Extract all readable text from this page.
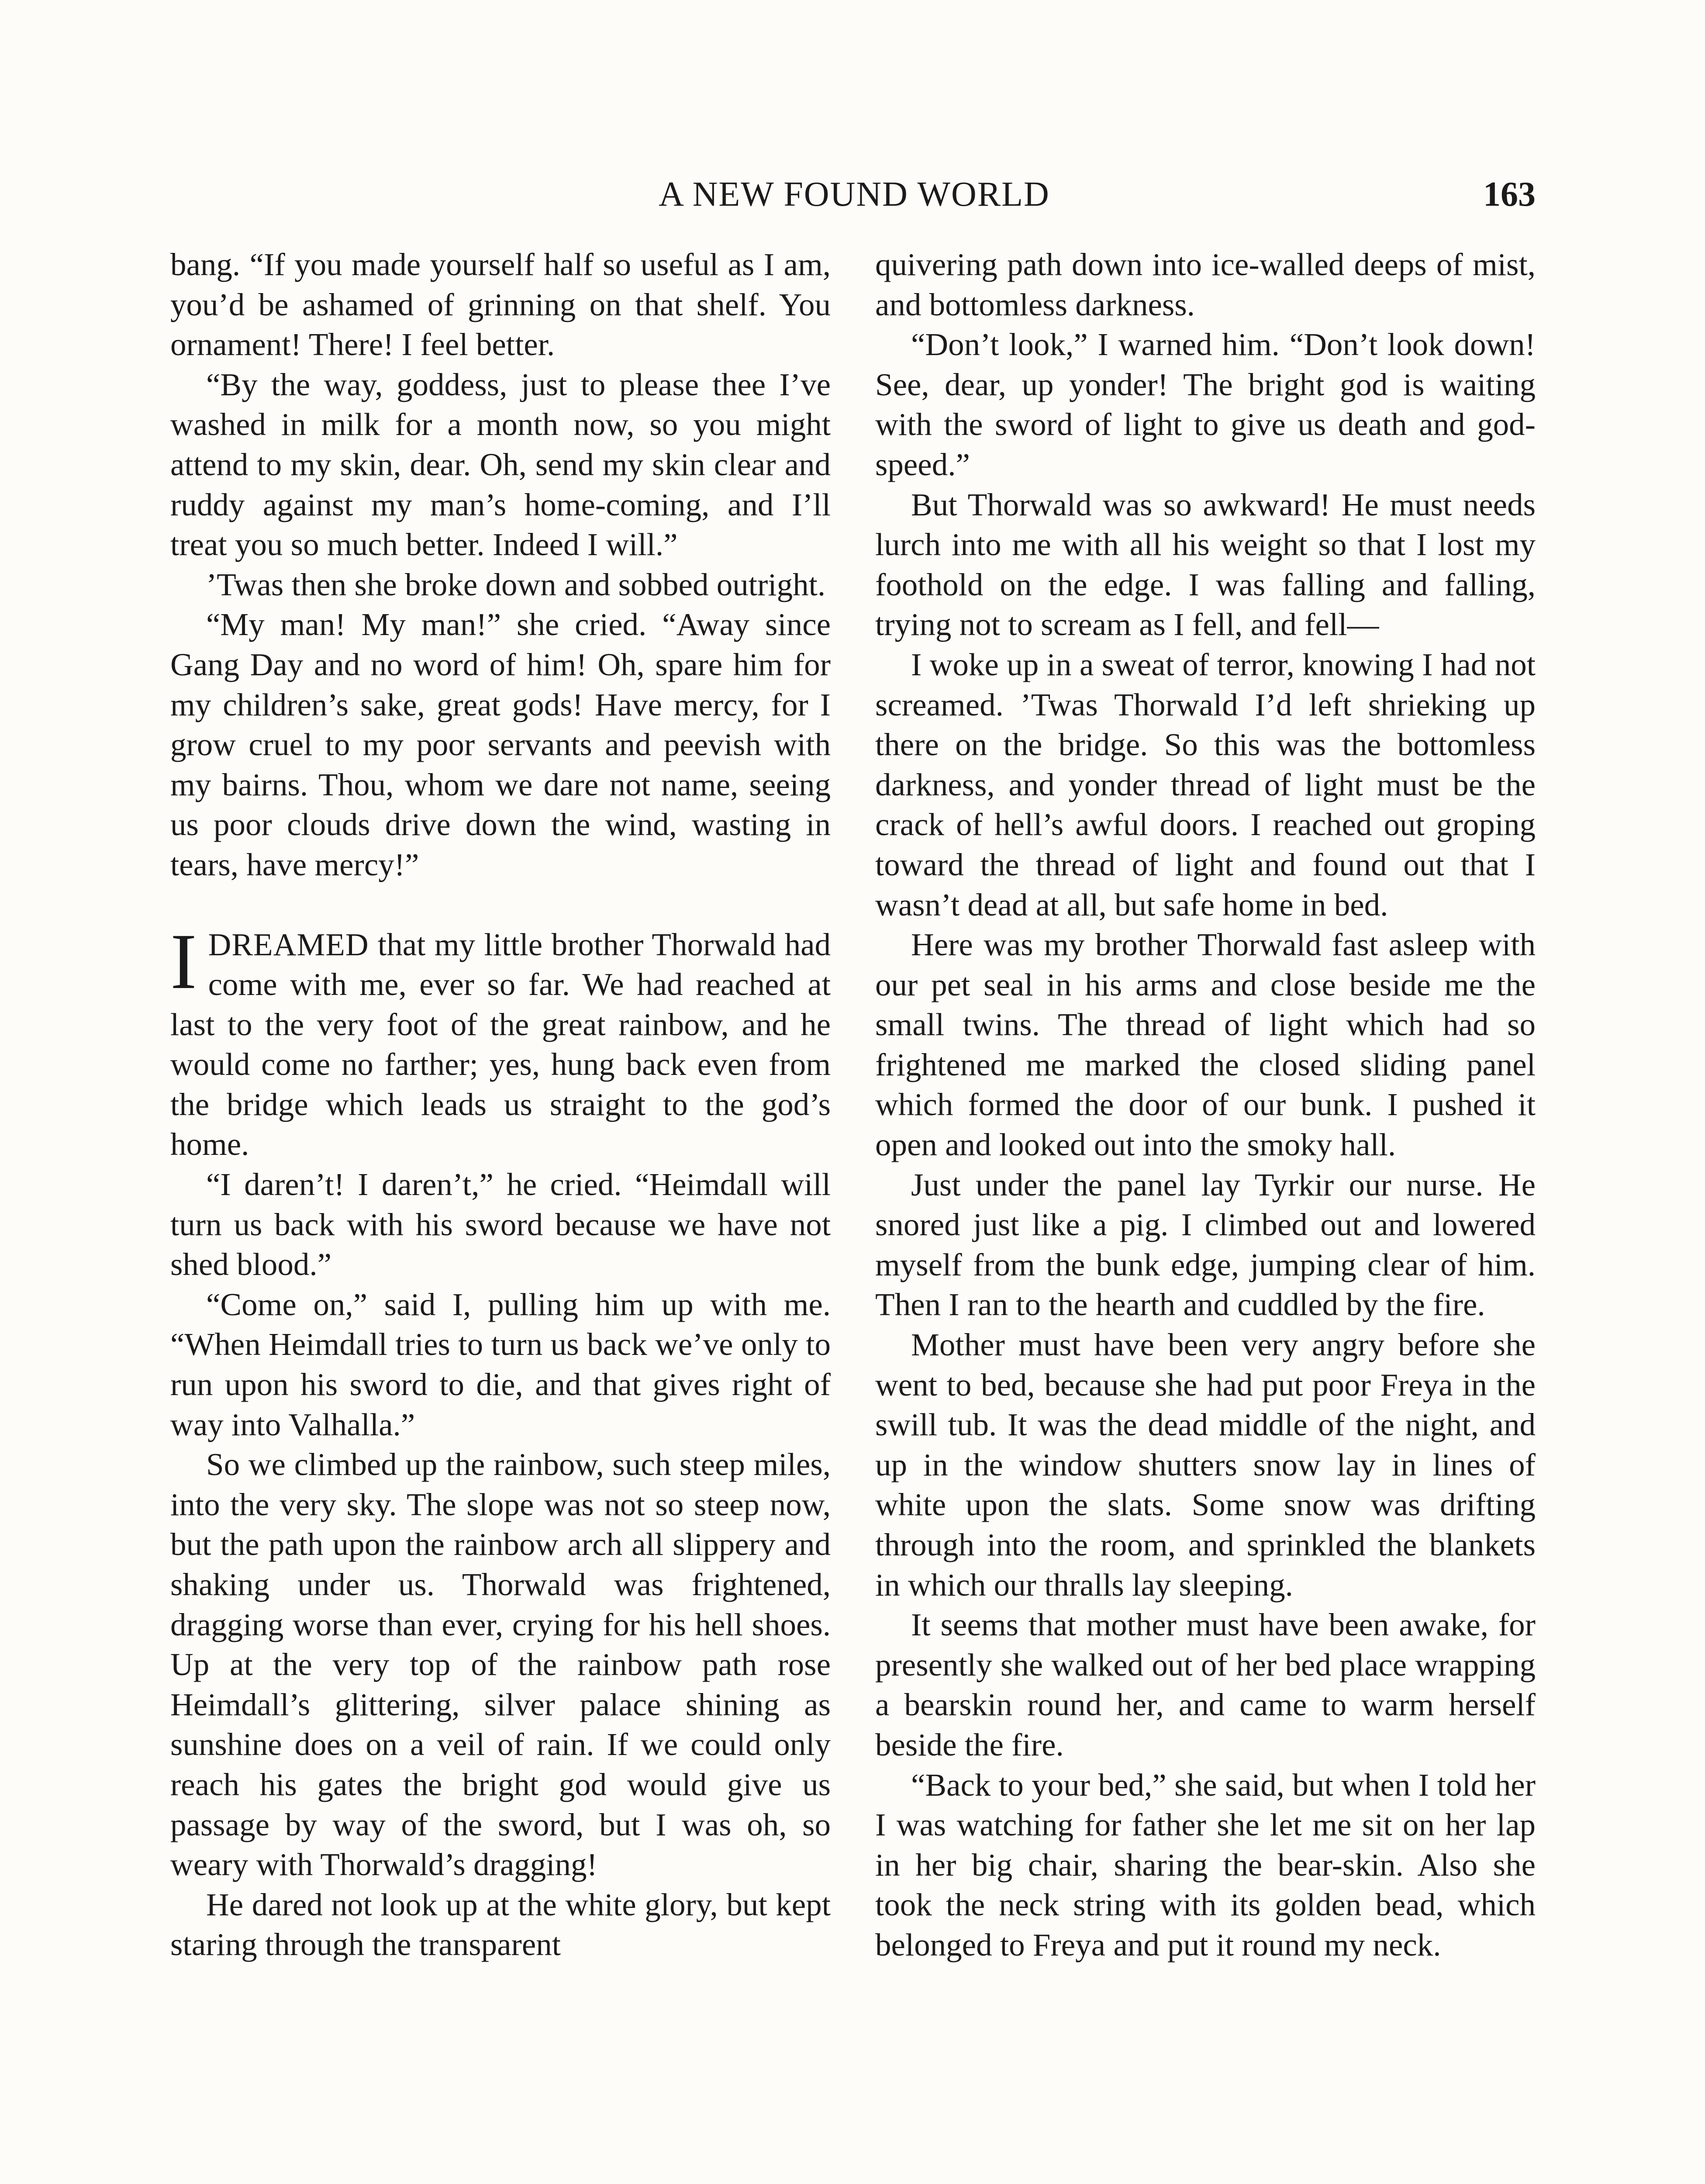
A NEW FOUND WORLD	163

bang. “If you made yourself half so useful as I am, you’d be ashamed of grinning on that shelf. You ornament! There! I feel better.

“By the way, goddess, just to please thee I’ve washed in milk for a month now, so you might attend to my skin, dear. Oh, send my skin clear and ruddy against my man’s home-coming, and I’ll treat you so much better. Indeed I will.”

’Twas then she broke down and sobbed outright.

“My man! My man!” she cried. “Away since Gang Day and no word of him! Oh, spare him for my children’s sake, great gods! Have mercy, for I grow cruel to my poor servants and peevish with my bairns. Thou, whom we dare not name, seeing us poor clouds drive down the wind, wasting in tears, have mercy!”

IDREAMED that my little brother Thorwald had come with me, ever so far. We had reached at last to the very foot of the great rainbow, and he would come no farther; yes, hung back even from the bridge which leads us straight to the god’s home.

“I daren’t! I daren’t,” he cried. “Heimdall will turn us back with his sword because we have not shed blood.”

“Come on,” said I, pulling him up with me. “When Heimdall tries to turn us back we’ve only to run upon his sword to die, and that gives right of way into Valhalla.”

So we climbed up the rainbow, such steep miles, into the very sky. The slope was not so steep now, but the path upon the rainbow arch all slippery and shaking under us. Thorwald was frightened, dragging worse than ever, crying for his hell shoes. Up at the very top of the rainbow path rose Heimdall’s glittering, silver palace shining as sunshine does on a veil of rain. If we could only reach his gates the bright god would give us passage by way of the sword, but I was oh, so weary with Thorwald’s dragging!

He dared not look up at the white glory, but kept staring through the transparent

quivering path down into ice-walled deeps of mist, and bottomless darkness.

“Don’t look,” I warned him. “Don’t look down! See, dear, up yonder! The bright god is waiting with the sword of light to give us death and god-speed.”

But Thorwald was so awkward! He must needs lurch into me with all his weight so that I lost my foothold on the edge. I was falling and falling, trying not to scream as I fell, and fell—

I woke up in a sweat of terror, knowing I had not screamed. ’Twas Thorwald I’d left shrieking up there on the bridge. So this was the bottomless darkness, and yonder thread of light must be the crack of hell’s awful doors. I reached out groping toward the thread of light and found out that I wasn’t dead at all, but safe home in bed.

Here was my brother Thorwald fast asleep with our pet seal in his arms and close beside me the small twins. The thread of light which had so frightened me marked the closed sliding panel which formed the door of our bunk. I pushed it open and looked out into the smoky hall.

Just under the panel lay Tyrkir our nurse. He snored just like a pig. I climbed out and lowered myself from the bunk edge, jumping clear of him. Then I ran to the hearth and cuddled by the fire.

Mother must have been very angry before she went to bed, because she had put poor Freya in the swill tub. It was the dead middle of the night, and up in the window shutters snow lay in lines of white upon the slats. Some snow was drifting through into the room, and sprinkled the blankets in which our thralls lay sleeping.

It seems that mother must have been awake, for presently she walked out of her bed place wrapping a bearskin round her, and came to warm herself beside the fire.

“Back to your bed,” she said, but when I told her I was watching for father she let me sit on her lap in her big chair, sharing the bear-skin. Also she took the neck string with its golden bead, which belonged to Freya and put it round my neck.
